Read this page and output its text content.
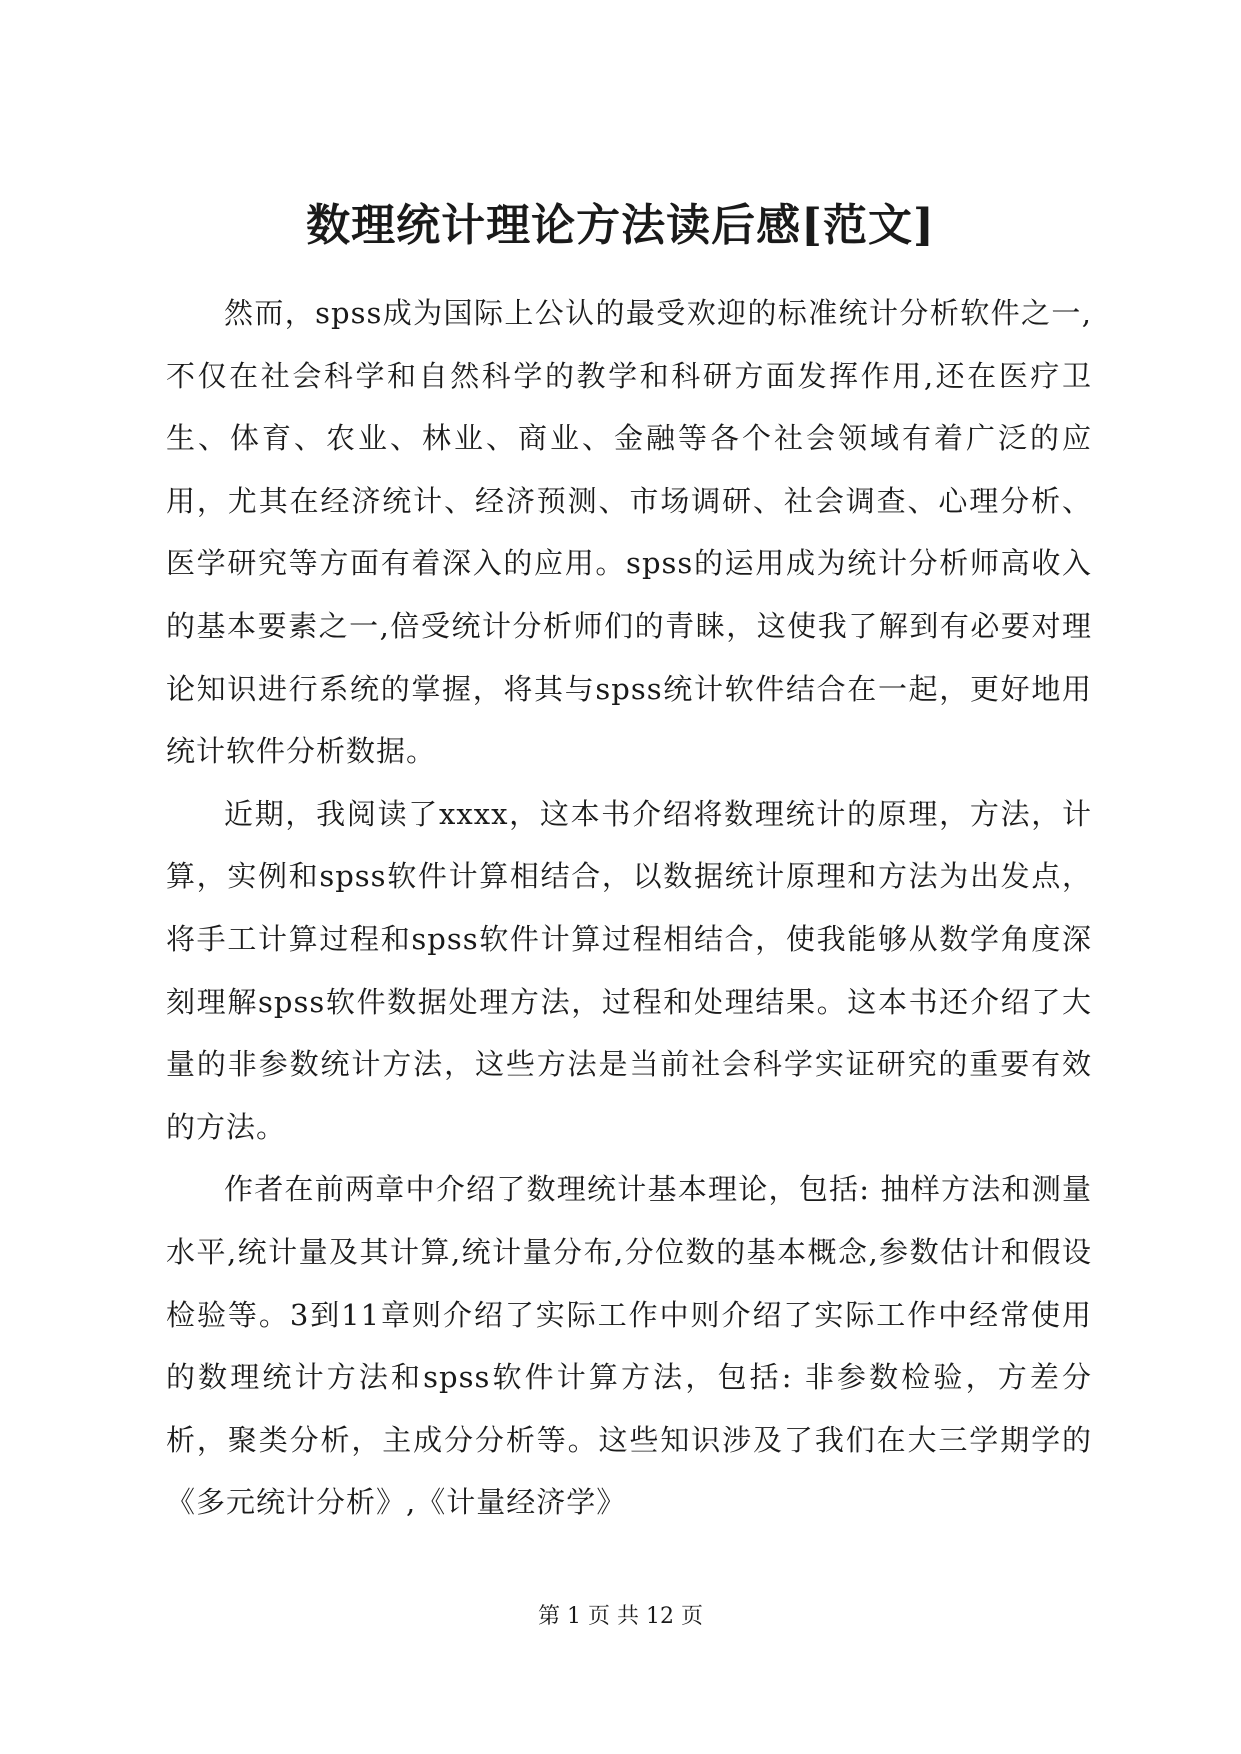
数理统计理论方法读后感[范文]

然而，spss成为国际上公认的最受欢迎的标准统计分析软件之一,不仅在社会科学和自然科学的教学和科研方面发挥作用,还在医疗卫生、体育、农业、林业、商业、金融等各个社会领域有着广泛的应用，尤其在经济统计、经济预测、市场调研、社会调查、心理分析、医学研究等方面有着深入的应用。spss的运用成为统计分析师高收入的基本要素之一,倍受统计分析师们的青睐，这使我了解到有必要对理论知识进行系统的掌握，将其与spss统计软件结合在一起，更好地用统计软件分析数据。

近期，我阅读了xxxx，这本书介绍将数理统计的原理，方法，计算，实例和spss软件计算相结合，以数据统计原理和方法为出发点，将手工计算过程和spss软件计算过程相结合，使我能够从数学角度深刻理解spss软件数据处理方法，过程和处理结果。这本书还介绍了大量的非参数统计方法，这些方法是当前社会科学实证研究的重要有效的方法。

作者在前两章中介绍了数理统计基本理论，包括: 抽样方法和测量水平,统计量及其计算,统计量分布,分位数的基本概念,参数估计和假设检验等。3到11章则介绍了实际工作中则介绍了实际工作中经常使用的数理统计方法和spss软件计算方法，包括: 非参数检验，方差分析，聚类分析，主成分分析等。这些知识涉及了我们在大三学期学的《多元统计分析》,《计量经济学》

第 1 页 共 12 页
